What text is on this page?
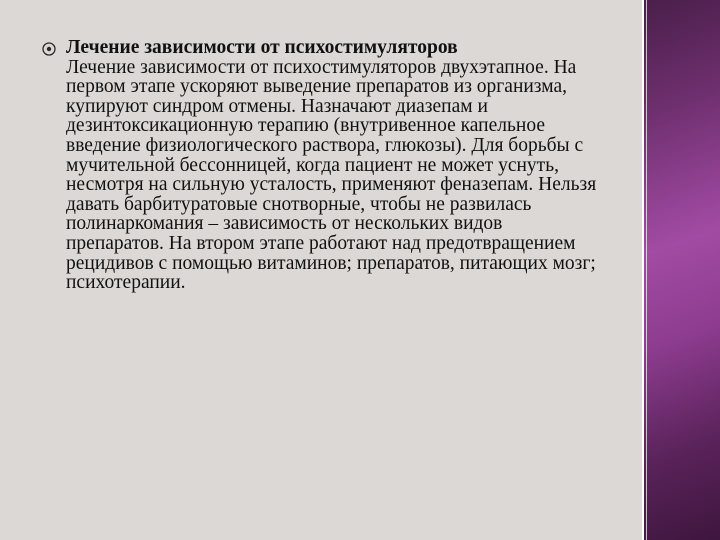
Лечение зависимости от психостимуляторов
Лечение зависимости от психостимуляторов двухэтапное. На первом этапе ускоряют выведение препаратов из организма, купируют синдром отмены. Назначают диазепам и дезинтоксикационную терапию (внутривенное капельное введение физиологического раствора, глюкозы). Для борьбы с мучительной бессонницей, когда пациент не может уснуть, несмотря на сильную усталость, применяют феназепам. Нельзя давать барбитуратовые снотворные, чтобы не развилась полинаркомания – зависимость от нескольких видов препаратов. На втором этапе работают над предотвращением рецидивов с помощью витаминов; препаратов, питающих мозг; психотерапии.
